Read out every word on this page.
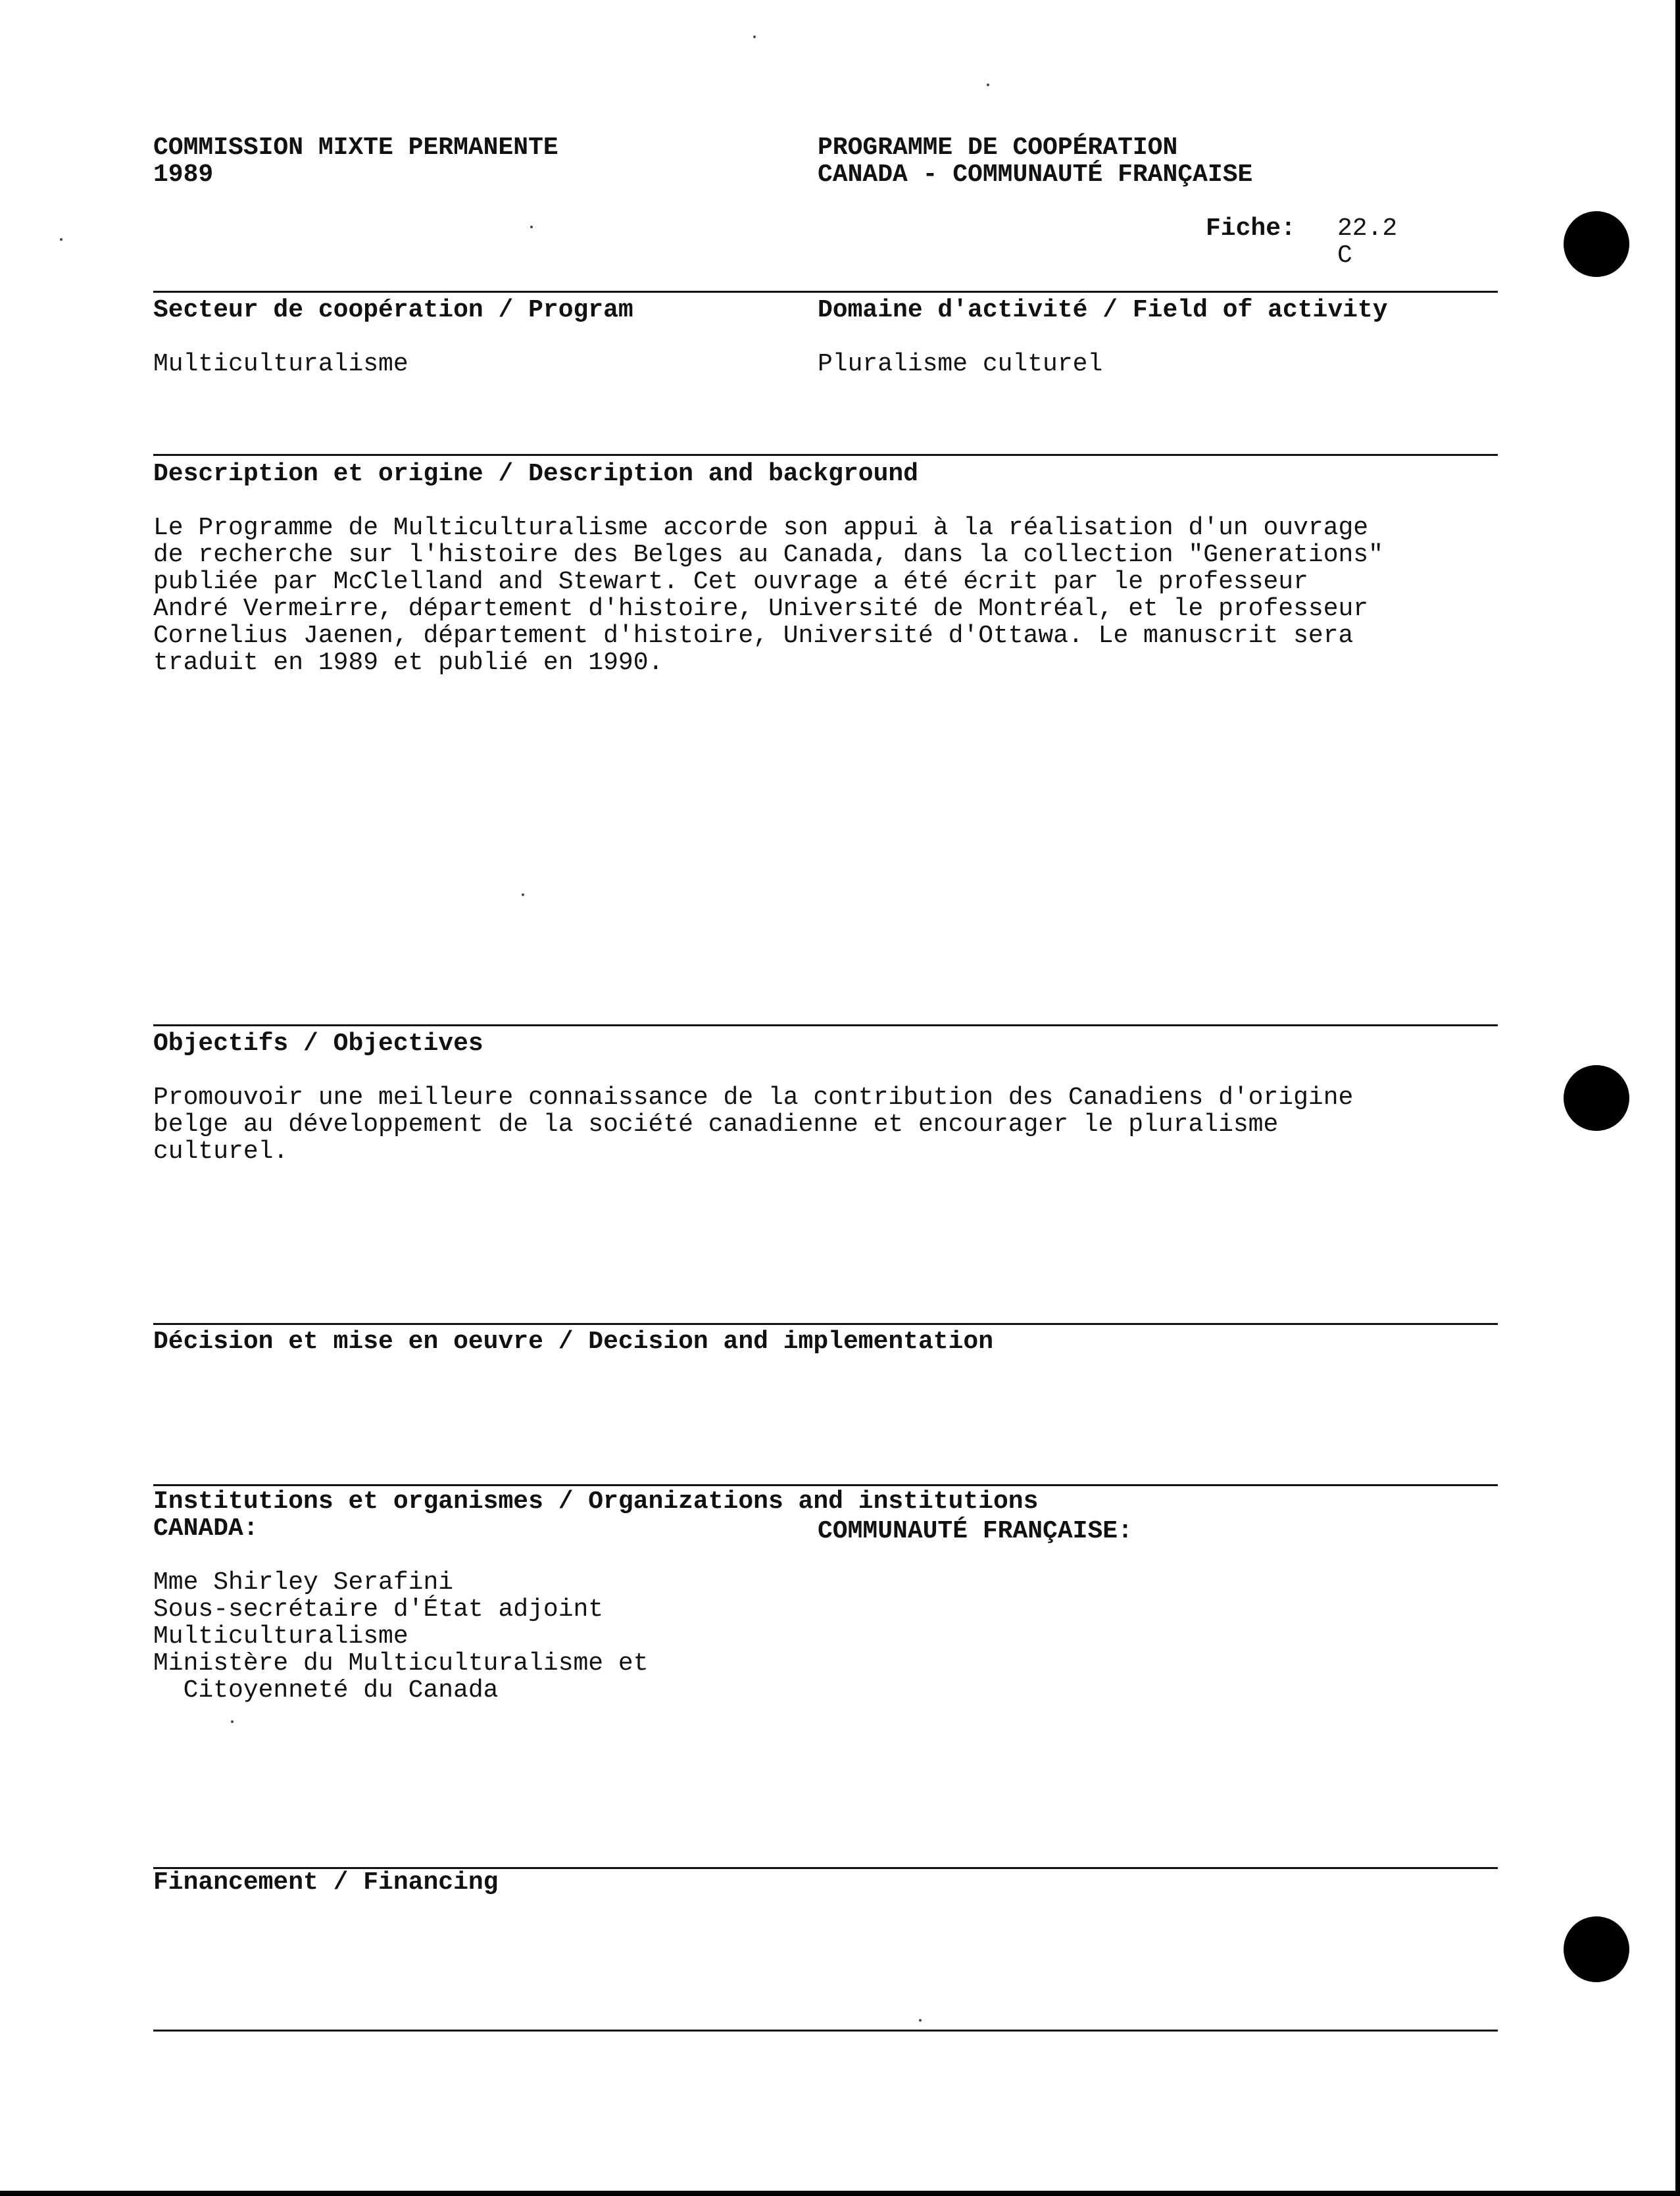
COMMISSION MIXTE PERMANENTE

1989

PROGRAMME DE COOPÉRATION

CANADA - COMMUNAUTÉ FRANÇAISE

Fiche: 22.2

C

Secteur de coopération / Program	Domaine d'activité / Field of activity

Multiculturalisme	Pluralisme culturel

Description et origine / Description and background

Le Programme de Multiculturalisme accorde son appui à la réalisation d'un ouvrage
de recherche sur l'histoire des Belges au Canada, dans la collection "Generations"
publiée par McClelland and Stewart. Cet ouvrage a été écrit par le professeur
André Vermeirre, département d'histoire, Université de Montréal, et le professeur
Cornelius Jaenen, département d'histoire, Université d'Ottawa. Le manuscrit sera
traduit en 1989 et publié en 1990.

Objectifs / Objectives

Promouvoir une meilleure connaissance de la contribution des Canadiens d'origine
belge au développement de la société canadienne et encourager le pluralisme
culturel.

Décision et mise en oeuvre / Decision and implementation

Institutions et organismes / Organizations and institutions

CANADA:	COMMUNAUTÉ FRANÇAISE:

Mme Shirley Serafini

Sous-secrétaire d'État adjoint

Multiculturalisme

Ministère du Multiculturalisme et

Citoyenneté du Canada

Financement / Financing
